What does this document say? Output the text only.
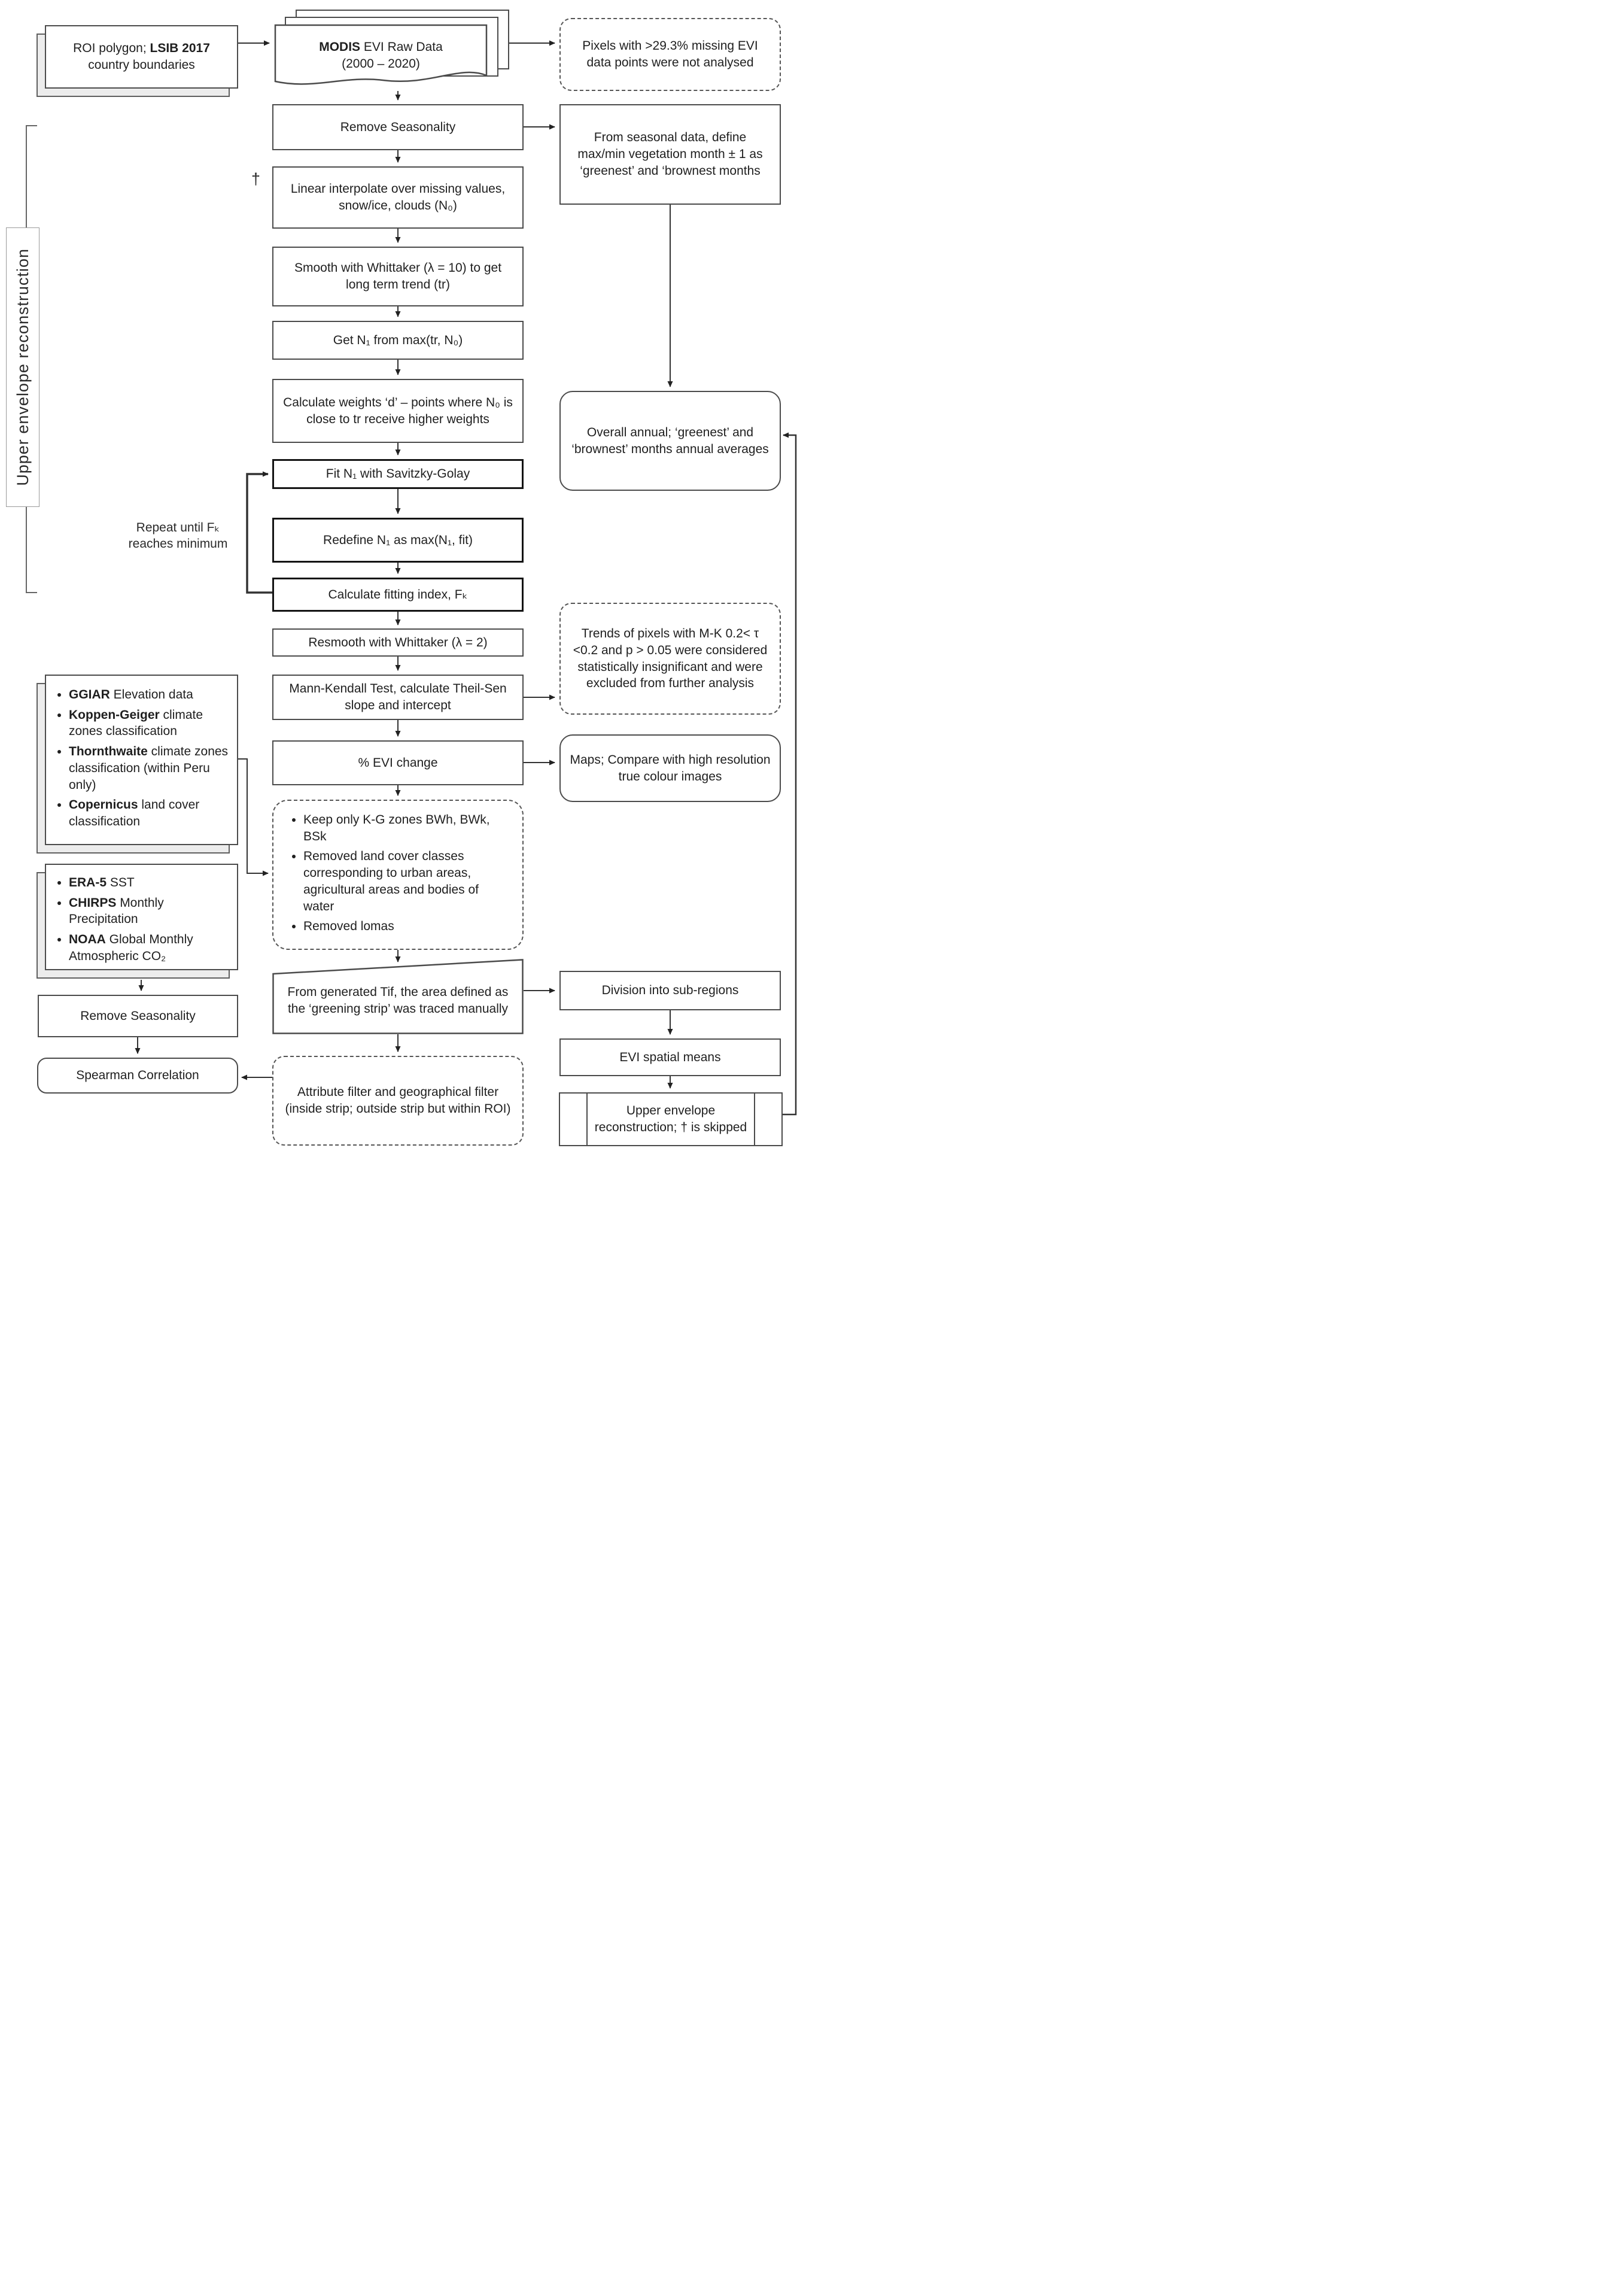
Upper envelope reconstruction
Repeat until Fₖ reaches minimum
†
ROI polygon; LSIB 2017 country boundaries
MODIS EVI Raw Data
(2000 – 2020)
Pixels with >29.3% missing EVI data points were not analysed
Remove Seasonality
From seasonal data, define max/min vegetation month ± 1 as ‘greenest’ and ‘brownest months
Linear interpolate over missing values, snow/ice, clouds (N₀)
Smooth with Whittaker (λ = 10) to get long term trend (tr)
Get N₁ from max(tr, N₀)
Calculate weights ‘d’ – points where N₀ is close to tr receive higher weights
Fit N₁ with Savitzky-Golay
Redefine N₁ as max(N₁, fit)
Calculate fitting index, Fₖ
Overall annual; ‘greenest’ and ‘brownest’ months annual averages
Resmooth with Whittaker (λ = 2)
Mann-Kendall Test, calculate Theil-Sen slope and intercept
Trends of pixels with M-K 0.2< τ <0.2 and p > 0.05 were considered statistically insignificant and were excluded from further analysis
% EVI change	Maps; Compare with high resolution true colour images
• Keep only K-G zones BWh, BWk, BSk
• Removed land cover classes corresponding to urban areas, agricultural areas and bodies of water
• Removed lomas
• GGIAR Elevation data
• Koppen-Geiger climate zones classification
• Thornthwaite climate zones classification (within Peru only)
• Copernicus land cover classification
• ERA-5 SST
• CHIRPS Monthly Precipitation
• NOAA Global Monthly Atmospheric CO₂
Remove Seasonality
Spearman Correlation
From generated Tif, the area defined as the ‘greening strip’ was traced manually
Attribute filter and geographical filter (inside strip; outside strip but within ROI)
Division into sub-regions
EVI spatial means
Upper envelope reconstruction; † is skipped
